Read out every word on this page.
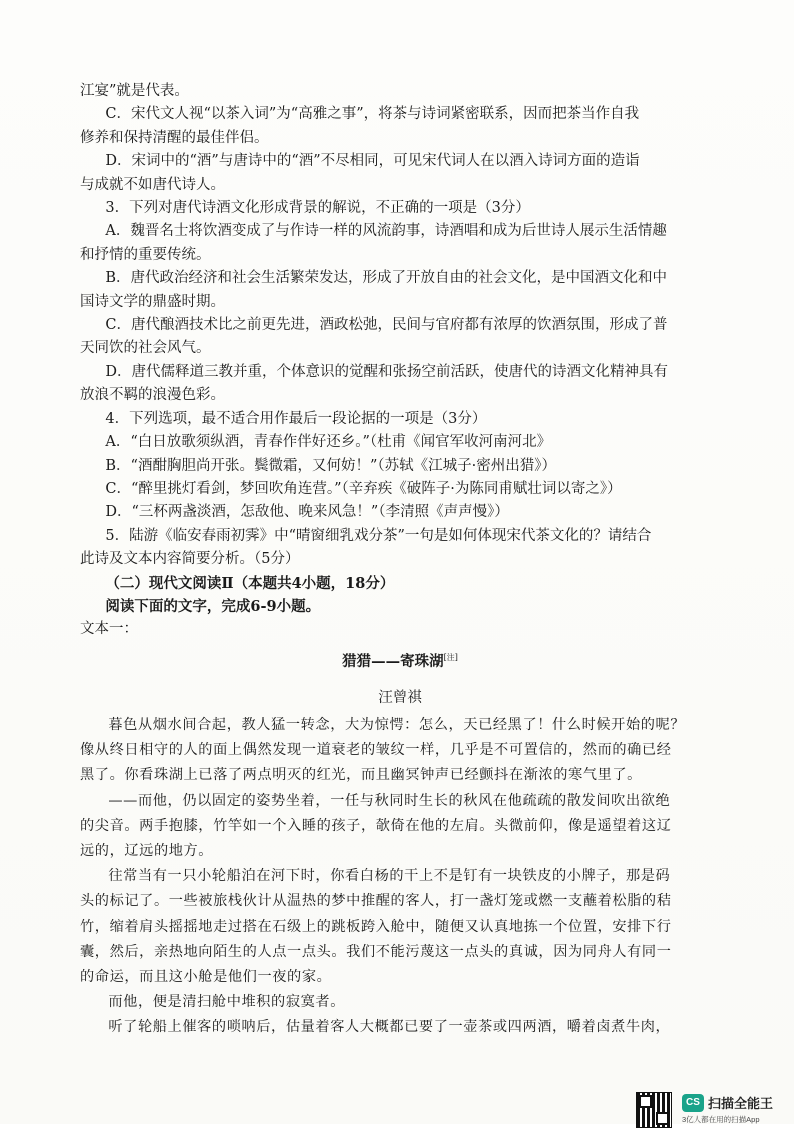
江宴”就是代表。

C．宋代文人视“以茶入词”为“高雅之事”，将茶与诗词紧密联系，因而把茶当作自我

修养和保持清醒的最佳伴侣。

D．宋词中的“酒”与唐诗中的“酒”不尽相同，可见宋代词人在以酒入诗词方面的造诣

与成就不如唐代诗人。

3．下列对唐代诗酒文化形成背景的解说，不正确的一项是（3分）

A．魏晋名士将饮酒变成了与作诗一样的风流韵事，诗酒唱和成为后世诗人展示生活情趣

和抒情的重要传统。

B．唐代政治经济和社会生活繁荣发达，形成了开放自由的社会文化，是中国酒文化和中

国诗文学的鼎盛时期。

C．唐代酿酒技术比之前更先进，酒政松弛，民间与官府都有浓厚的饮酒氛围，形成了普

天同饮的社会风气。

D．唐代儒释道三教并重，个体意识的觉醒和张扬空前活跃，使唐代的诗酒文化精神具有

放浪不羁的浪漫色彩。

4．下列选项，最不适合用作最后一段论据的一项是（3分）

A．“白日放歌须纵酒，青春作伴好还乡。”（杜甫《闻官军收河南河北》

B．“酒酣胸胆尚开张。鬓微霜，又何妨！”（苏轼《江城子·密州出猎》）

C．“醉里挑灯看剑，梦回吹角连营。”（辛弃疾《破阵子·为陈同甫赋壮词以寄之》）

D．“三杯两盏淡酒，怎敌他、晚来风急！”（李清照《声声慢》）

5．陆游《临安春雨初霁》中“晴窗细乳戏分茶”一句是如何体现宋代茶文化的？请结合

此诗及文本内容简要分析。（5分）

（二）现代文阅读Ⅱ（本题共4小题，18分）

阅读下面的文字，完成6-9小题。

文本一：

猎猎——寄珠湖[注]

汪曾祺

暮色从烟水间合起，教人猛一转念，大为惊愕：怎么，天已经黑了！什么时候开始的呢？

像从终日相守的人的面上偶然发现一道衰老的皱纹一样，几乎是不可置信的，然而的确已经

黑了。你看珠湖上已落了两点明灭的红光，而且幽冥钟声已经颤抖在渐浓的寒气里了。

——而他，仍以固定的姿势坐着，一任与秋同时生长的秋风在他疏疏的散发间吹出欲绝

的尖音。两手抱膝，竹竿如一个入睡的孩子，欹倚在他的左肩。头微前仰，像是遥望着这辽

远的，辽远的地方。

往常当有一只小轮船泊在河下时，你看白杨的干上不是钉有一块铁皮的小牌子，那是码

头的标记了。一些被旅栈伙计从温热的梦中推醒的客人，打一盏灯笼或燃一支蘸着松脂的秸

竹，缩着肩头摇摇地走过搭在石级上的跳板跨入舱中，随便又认真地拣一个位置，安排下行

囊，然后，亲热地向陌生的人点一点头。我们不能污蔑这一点头的真诚，因为同舟人有同一

的命运，而且这小舱是他们一夜的家。

而他，便是清扫舱中堆积的寂寞者。

听了轮船上催客的唢呐后，估量着客人大概都已要了一壶茶或四两酒，嚼着卤煮牛肉，

CS 扫描全能王
3亿人都在用的扫描App
